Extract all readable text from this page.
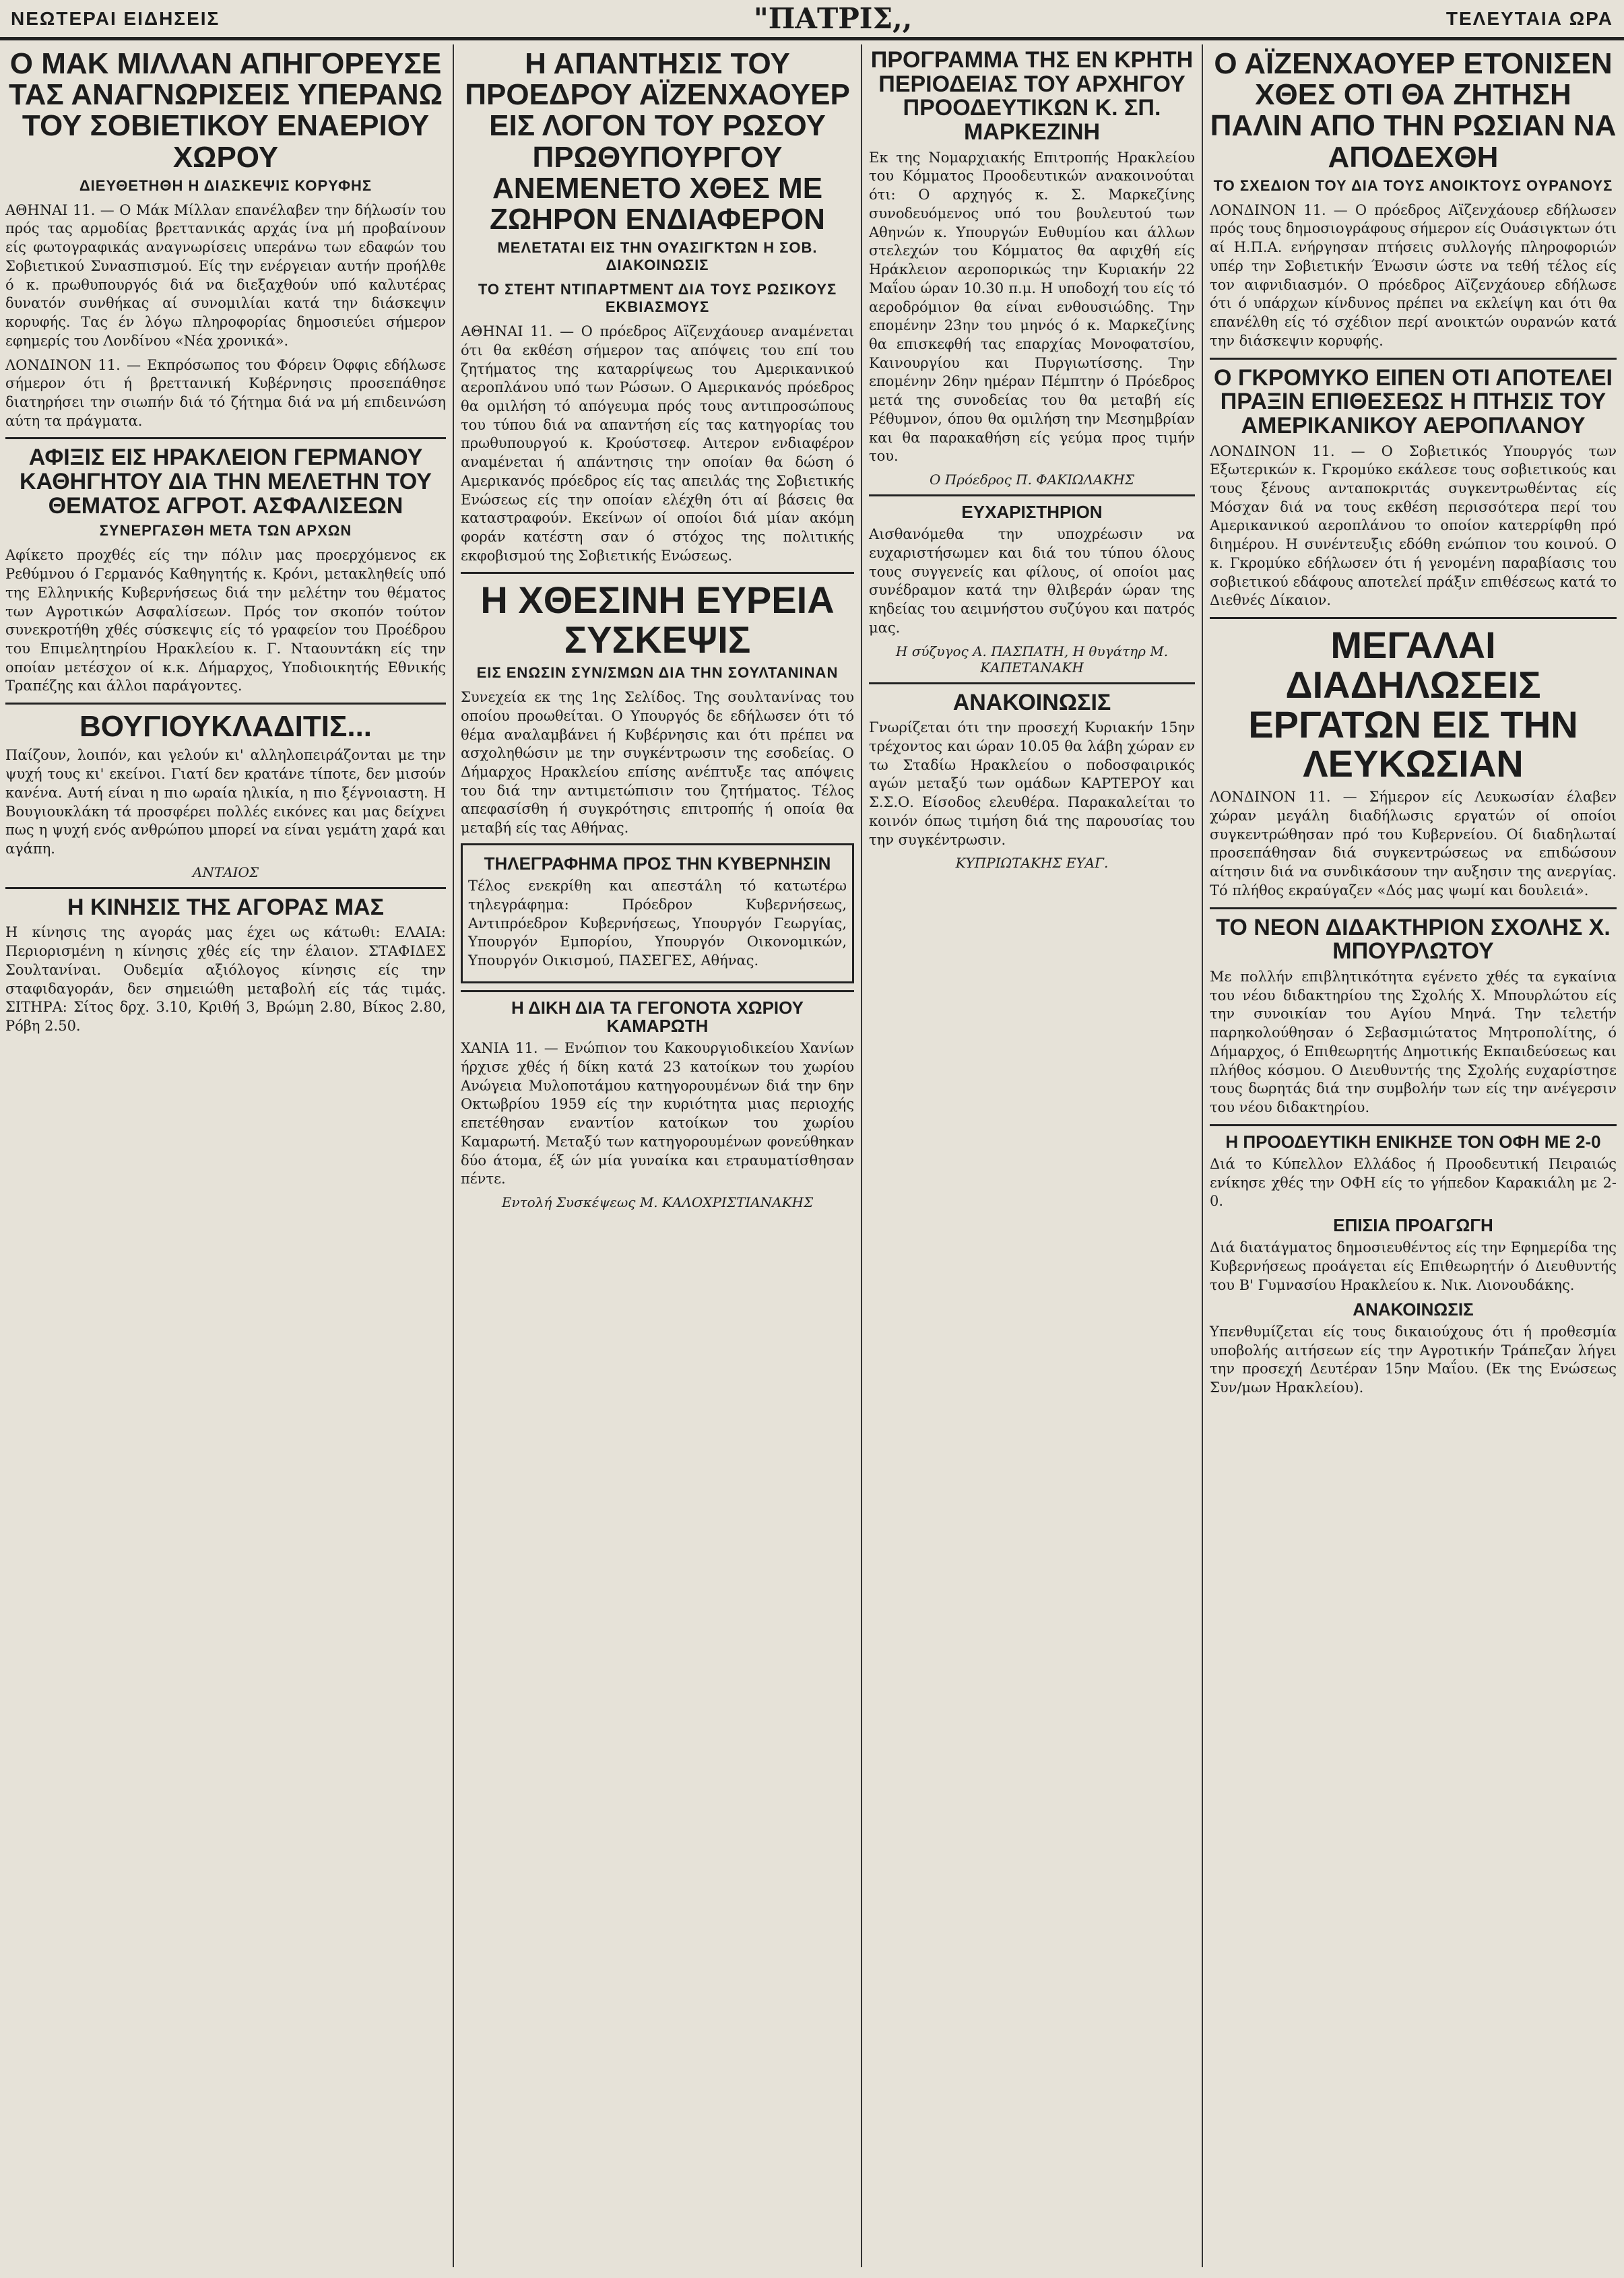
ΝΕΩΤΕΡΑΙ ΕΙΔΗΣΕΙΣ	"ΠΑΤΡΙΣ,,	ΤΕΛΕΥΤΑΙΑ ΩΡΑ
Ο ΜΑΚ ΜΙΛΛΑΝ ΑΠΗΓΟΡΕΥΣΕ ΤΑΣ ΑΝΑΓΝΩΡΙΣΕΙΣ ΥΠΕΡΑΝΩ ΤΟΥ ΣΟΒΙΕΤΙΚΟΥ ΕΝΑΕΡΙΟΥ ΧΩΡΟΥ
ΔΙΕΥΘΕΤΗΘΗ Η ΔΙΑΣΚΕΨΙΣ ΚΟΡΥΦΗΣ

ΑΘΗΝΑΙ 11. — Ο Μάκ Μίλλαν επανέλαβεν την δήλωσίν του πρός τας αρμοδίας βρεττανικάς αρχάς ίνα μή προβαίνουν είς φωτογραφικάς αναγνωρίσεις υπεράνω των εδαφών του Σοβιετικού Συνασπισμού. Είς την ενέργειαν αυτήν προήλθε ό κ. πρωθυπουργός διά να διεξαχθούν υπό καλυτέρας δυνατόν συνθήκας αί συνομιλίαι κατά την διάσκεψιν κορυφής. Τας έν λόγω πληροφορίας δημοσιεύει σήμερον εφημερίς του Λονδίνου «Νέα χρονικά».

ΛΟΝΔΙΝΟΝ 11. — Εκπρόσωπος του Φόρειν Όφφις εδήλωσε σήμερον ότι ή βρεττανική Κυβέρνησις προσεπάθησε διατηρήσει την σιωπήν διά τό ζήτημα διά να μή επιδεινώση αύτη τα πράγματα.

ΑΦΙΞΙΣ ΕΙΣ ΗΡΑΚΛΕΙΟΝ ΓΕΡΜΑΝΟΥ ΚΑΘΗΓΗΤΟΥ ΔΙΑ ΤΗΝ ΜΕΛΕΤΗΝ ΤΟΥ ΘΕΜΑΤΟΣ ΑΓΡΟΤ. ΑΣΦΑΛΙΣΕΩΝ
ΣΥΝΕΡΓΑΣΘΗ ΜΕΤΑ ΤΩΝ ΑΡΧΩΝ

Αφίκετο προχθές είς την πόλιν μας προερχόμενος εκ Ρεθύμνου ό Γερμανός Καθηγητής κ. Κρόνι, μετακληθείς υπό της Ελληνικής Κυβερνήσεως διά την μελέτην του θέματος των Αγροτικών Ασφαλίσεων. Πρός τον σκοπόν τούτον συνεκροτήθη χθές σύσκεψις είς τό γραφείον του Προέδρου του Επιμελητηρίου Ηρακλείου κ. Γ. Νταουντάκη είς την οποίαν μετέσχον οί κ.κ. Δήμαρχος, Υποδιοικητής Εθνικής Τραπέζης και άλλοι παράγοντες.

ΒΟΥΓΙΟΥΚΛΑΔΙΤΙΣ...

Παίζουν, λοιπόν, και γελούν κι' αλληλοπειράζονται με την ψυχή τους κι' εκείνοι. Γιατί δεν κρατάνε τίποτε, δεν μισούν κανένα. Αυτή είναι η πιο ωραία ηλικία, η πιο ξέγνοιαστη. Η Βουγιουκλάκη τά προσφέρει πολλές εικόνες και μας δείχνει πως η ψυχή ενός ανθρώπου μπορεί να είναι γεμάτη χαρά και αγάπη.

ΑΝΤΑΙΟΣ
Η ΚΙΝΗΣΙΣ ΤΗΣ ΑΓΟΡΑΣ ΜΑΣ

Η κίνησις της αγοράς μας έχει ως κάτωθι: ΕΛΑΙΑ: Περιορισμένη η κίνησις χθές είς την έλαιον. ΣΤΑΦΙΔΕΣ Σουλτανίναι. Ουδεμία αξιόλογος κίνησις είς την σταφιδαγοράν, δεν σημειώθη μεταβολή είς τάς τιμάς. ΣΙΤΗΡΑ: Σίτος δρχ. 3.10, Κριθή 3, Βρώμη 2.80, Βίκος 2.80, Ρόβη 2.50.

Η ΑΠΑΝΤΗΣΙΣ ΤΟΥ ΠΡΟΕΔΡΟΥ ΑΪΖΕΝΧΑΟΥΕΡ ΕΙΣ ΛΟΓΟΝ ΤΟΥ ΡΩΣΟΥ ΠΡΩΘΥΠΟΥΡΓΟΥ ΑΝΕΜΕΝΕΤΟ ΧΘΕΣ ΜΕ ΖΩΗΡΟΝ ΕΝΔΙΑΦΕΡΟΝ
ΜΕΛΕΤΑΤΑΙ ΕΙΣ ΤΗΝ ΟΥΑΣΙΓΚΤΩΝ Η ΣΟΒ. ΔΙΑΚΟΙΝΩΣΙΣ
ΤΟ ΣΤΕΗΤ ΝΤΙΠΑΡΤΜΕΝΤ ΔΙΑ ΤΟΥΣ ΡΩΣΙΚΟΥΣ ΕΚΒΙΑΣΜΟΥΣ

ΑΘΗΝΑΙ 11. — Ο πρόεδρος Αϊζενχάουερ αναμένεται ότι θα εκθέση σήμερον τας απόψεις του επί του ζητήματος της καταρρίψεως του Αμερικανικού αεροπλάνου υπό των Ρώσων. Ο Αμερικανός πρόεδρος θα ομιλήση τό απόγευμα πρός τους αντιπροσώπους του τύπου διά να απαντήση είς τας κατηγορίας του πρωθυπουργού κ. Κρούστσεφ. Αιτερον ενδιαφέρον αναμένεται ή απάντησις την οποίαν θα δώση ό Αμερικανός πρόεδρος είς τας απειλάς της Σοβιετικής Ενώσεως είς την οποίαν ελέχθη ότι αί βάσεις θα καταστραφούν. Εκείνων οί οποίοι διά μίαν ακόμη φοράν κατέστη σαν ό στόχος της πολιτικής εκφοβισμού της Σοβιετικής Ενώσεως.

Η ΧΘΕΣΙΝΗ ΕΥΡΕΙΑ ΣΥΣΚΕΨΙΣ
ΕΙΣ ΕΝΩΣΙΝ ΣΥΝ/ΣΜΩΝ ΔΙΑ ΤΗΝ ΣΟΥΛΤΑΝΙΝΑΝ

Συνεχεία εκ της 1ης Σελίδος. Της σουλτανίνας του οποίου προωθείται. Ο Υπουργός δε εδήλωσεν ότι τό θέμα αναλαμβάνει ή Κυβέρνησις και ότι πρέπει να ασχοληθώσιν με την συγκέντρωσιν της εσοδείας. Ο Δήμαρχος Ηρακλείου επίσης ανέπτυξε τας απόψεις του διά την αντιμετώπισιν του ζητήματος. Τέλος απεφασίσθη ή συγκρότησις επιτροπής ή οποία θα μεταβή είς τας Αθήνας.

ΤΗΛΕΓΡΑΦΗΜΑ ΠΡΟΣ ΤΗΝ ΚΥΒΕΡΝΗΣΙΝ

Τέλος ενεκρίθη και απεστάλη τό κατωτέρω τηλεγράφημα: Πρόεδρον Κυβερνήσεως, Αντιπρόεδρον Κυβερνήσεως, Υπουργόν Γεωργίας, Υπουργόν Εμπορίου, Υπουργόν Οικονομικών, Υπουργόν Οικισμού, ΠΑΣΕΓΕΣ, Αθήνας.

Η ΔΙΚΗ ΔΙΑ ΤΑ ΓΕΓΟΝΟΤΑ ΧΩΡΙΟΥ ΚΑΜΑΡΩΤΗ

ΧΑΝΙΑ 11. — Ενώπιον του Κακουργιοδικείου Χανίων ήρχισε χθές ή δίκη κατά 23 κατοίκων του χωρίου Ανώγεια Μυλοποτάμου κατηγορουμένων διά την 6ην Οκτωβρίου 1959 είς την κυριότητα μιας περιοχής επετέθησαν εναντίον κατοίκων του χωρίου Καμαρωτή. Μεταξύ των κατηγορουμένων φονεύθηκαν δύο άτομα, έξ ών μία γυναίκα και ετραυματίσθησαν πέντε.

Εντολή Συσκέψεως Μ. ΚΑΛΟΧΡΙΣΤΙΑΝΑΚΗΣ
ΠΡΟΓΡΑΜΜΑ ΤΗΣ ΕΝ ΚΡΗΤΗ ΠΕΡΙΟΔΕΙΑΣ ΤΟΥ ΑΡΧΗΓΟΥ ΠΡΟΟΔΕΥΤΙΚΩΝ Κ. ΣΠ. ΜΑΡΚΕΖΙΝΗ

Εκ της Νομαρχιακής Επιτροπής Ηρακλείου του Κόμματος Προοδευτικών ανακοινούται ότι: Ο αρχηγός κ. Σ. Μαρκεζίνης συνοδευόμενος υπό του βουλευτού των Αθηνών κ. Υπουργών Ευθυμίου και άλλων στελεχών του Κόμματος θα αφιχθή είς Ηράκλειον αεροπορικώς την Κυριακήν 22 Μαΐου ώραν 10.30 π.μ. Η υποδοχή του είς τό αεροδρόμιον θα είναι ενθουσιώδης. Την επομένην 23ην του μηνός ό κ. Μαρκεζίνης θα επισκεφθή τας επαρχίας Μονοφατσίου, Καινουργίου και Πυργιωτίσσης. Την επομένην 26ην ημέραν Πέμπτην ό Πρόεδρος μετά της συνοδείας του θα μεταβή είς Ρέθυμνον, όπου θα ομιλήση την Μεσημβρίαν και θα παρακαθήση είς γεύμα προς τιμήν του.

Ο Πρόεδρος Π. ΦΑΚΙΩΛΑΚΗΣ
ΕΥΧΑΡΙΣΤΗΡΙΟΝ

Αισθανόμεθα την υποχρέωσιν να ευχαριστήσωμεν και διά του τύπου όλους τους συγγενείς και φίλους, οί οποίοι μας συνέδραμον κατά την θλιβεράν ώραν της κηδείας του αειμνήστου συζύγου και πατρός μας.

Η σύζυγος Α. ΠΑΣΠΑΤΗ, Η θυγάτηρ Μ. ΚΑΠΕΤΑΝΑΚΗ
ΑΝΑΚΟΙΝΩΣΙΣ

Γνωρίζεται ότι την προσεχή Κυριακήν 15ην τρέχοντος και ώραν 10.05 θα λάβη χώραν εν τω Σταδίω Ηρακλείου ο ποδοσφαιρικός αγών μεταξύ των ομάδων ΚΑΡΤΕΡΟΥ και Σ.Σ.Ο. Είσοδος ελευθέρα. Παρακαλείται το κοινόν όπως τιμήση διά της παρουσίας του την συγκέντρωσιν.

ΚΥΠΡΙΩΤΑΚΗΣ ΕΥΑΓ.
Ο ΑΪΖΕΝΧΑΟΥΕΡ ΕΤΟΝΙΣΕΝ ΧΘΕΣ ΟΤΙ ΘΑ ΖΗΤΗΣΗ ΠΑΛΙΝ ΑΠΟ ΤΗΝ ΡΩΣΙΑΝ ΝΑ ΑΠΟΔΕΧΘΗ
ΤΟ ΣΧΕΔΙΟΝ ΤΟΥ ΔΙΑ ΤΟΥΣ ΑΝΟΙΚΤΟΥΣ ΟΥΡΑΝΟΥΣ

ΛΟΝΔΙΝΟΝ 11. — Ο πρόεδρος Αϊζενχάουερ εδήλωσεν πρός τους δημοσιογράφους σήμερον είς Ουάσιγκτων ότι αί Η.Π.Α. ενήργησαν πτήσεις συλλογής πληροφοριών υπέρ την Σοβιετικήν Ένωσιν ώστε να τεθή τέλος είς τον αιφνιδιασμόν. Ο πρόεδρος Αϊζενχάουερ εδήλωσε ότι ό υπάρχων κίνδυνος πρέπει να εκλείψη και ότι θα επανέλθη είς τό σχέδιον περί ανοικτών ουρανών κατά την διάσκεψιν κορυφής.

Ο ΓΚΡΟΜΥΚΟ ΕΙΠΕΝ ΟΤΙ ΑΠΟΤΕΛΕΙ ΠΡΑΞΙΝ ΕΠΙΘΕΣΕΩΣ Η ΠΤΗΣΙΣ ΤΟΥ ΑΜΕΡΙΚΑΝΙΚΟΥ ΑΕΡΟΠΛΑΝΟΥ

ΛΟΝΔΙΝΟΝ 11. — Ο Σοβιετικός Υπουργός των Εξωτερικών κ. Γκρομύκο εκάλεσε τους σοβιετικούς και τους ξένους ανταποκριτάς συγκεντρωθέντας είς Μόσχαν διά να τους εκθέση περισσότερα περί του Αμερικανικού αεροπλάνου το οποίον κατερρίφθη πρό διημέρου. Η συνέντευξις εδόθη ενώπιον του κοινού. Ο κ. Γκρομύκο εδήλωσεν ότι ή γενομένη παραβίασις του σοβιετικού εδάφους αποτελεί πράξιν επιθέσεως κατά το Διεθνές Δίκαιον.

ΜΕΓΑΛΑΙ ΔΙΑΔΗΛΩΣΕΙΣ ΕΡΓΑΤΩΝ ΕΙΣ ΤΗΝ ΛΕΥΚΩΣΙΑΝ

ΛΟΝΔΙΝΟΝ 11. — Σήμερον είς Λευκωσίαν έλαβεν χώραν μεγάλη διαδήλωσις εργατών οί οποίοι συγκεντρώθησαν πρό του Κυβερνείου. Οί διαδηλωταί προσεπάθησαν διά συγκεντρώσεως να επιδώσουν αίτησιν διά να συνδικάσουν την αυξησιν της ανεργίας. Τό πλήθος εκραύγαζεν «Δός μας ψωμί και δουλειά».

ΤΟ ΝΕΟΝ ΔΙΔΑΚΤΗΡΙΟΝ ΣΧΟΛΗΣ Χ. ΜΠΟΥΡΛΩΤΟΥ

Με πολλήν επιβλητικότητα εγένετο χθές τα εγκαίνια του νέου διδακτηρίου της Σχολής Χ. Μπουρλώτου είς την συνοικίαν του Αγίου Μηνά. Την τελετήν παρηκολούθησαν ό Σεβασμιώτατος Μητροπολίτης, ό Δήμαρχος, ό Επιθεωρητής Δημοτικής Εκπαιδεύσεως και πλήθος κόσμου. Ο Διευθυντής της Σχολής ευχαρίστησε τους δωρητάς διά την συμβολήν των είς την ανέγερσιν του νέου διδακτηρίου.

Η ΠΡΟΟΔΕΥΤΙΚΗ ΕΝΙΚΗΣΕ ΤΟΝ ΟΦΗ ΜΕ 2-0

Διά το Κύπελλον Ελλάδος ή Προοδευτική Πειραιώς ενίκησε χθές την ΟΦΗ είς το γήπεδον Καρακιάλη με 2-0.

ΕΠΙΣΙΑ ΠΡΟΑΓΩΓΗ

Διά διατάγματος δημοσιευθέντος είς την Εφημερίδα της Κυβερνήσεως προάγεται είς Επιθεωρητήν ό Διευθυντής του Β' Γυμνασίου Ηρακλείου κ. Νικ. Λιονουδάκης.

ΑΝΑΚΟΙΝΩΣΙΣ

Υπενθυμίζεται είς τους δικαιούχους ότι ή προθεσμία υποβολής αιτήσεων είς την Αγροτικήν Τράπεζαν λήγει την προσεχή Δευτέραν 15ην Μαΐου. (Εκ της Ενώσεως Συν/μων Ηρακλείου).
